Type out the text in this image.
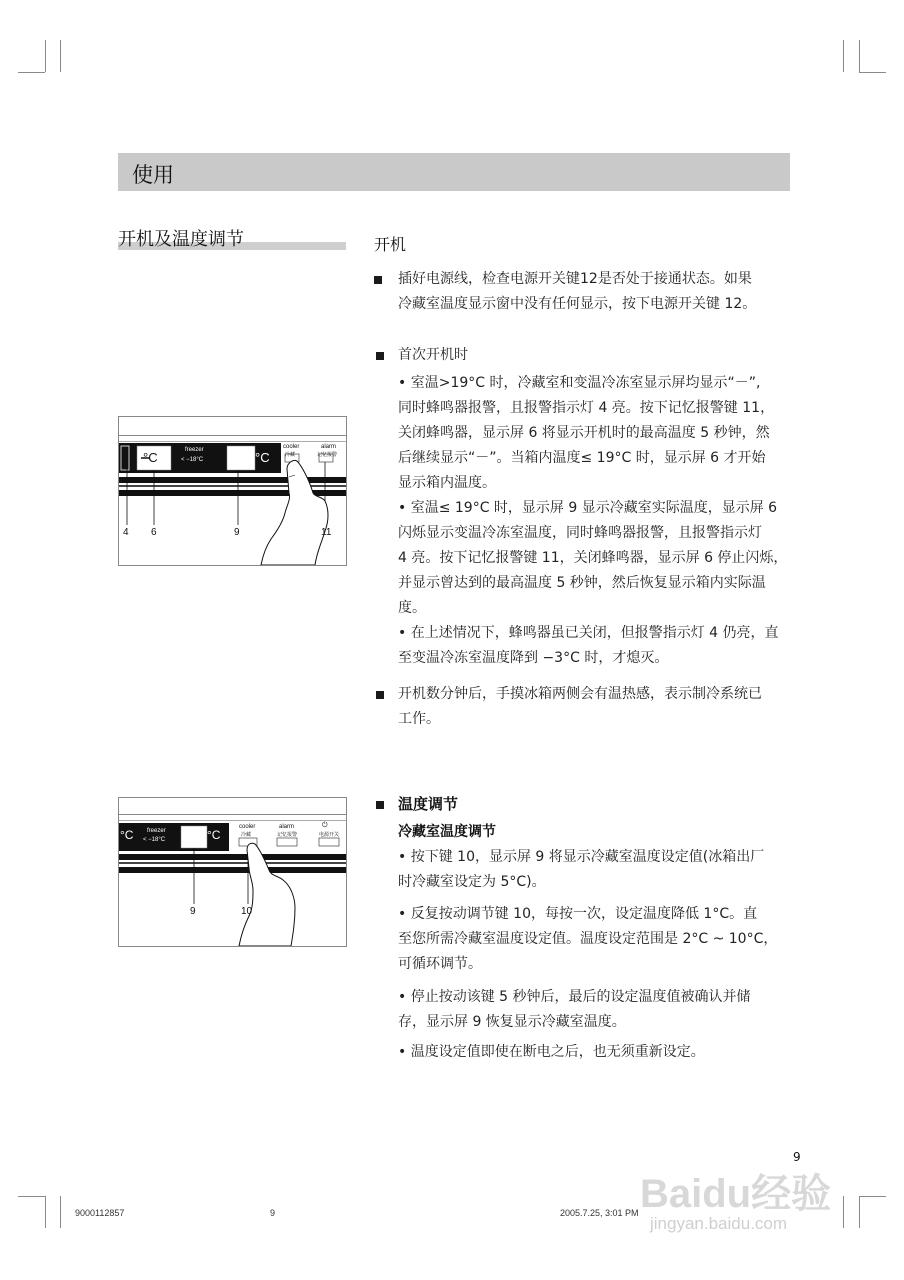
使用
开机及温度调节
°C	freezer
< −18°C	°C
cooler
冷藏
alarm
记忆报警
4 6	9	11
°C freezer
< −18°C	°C
cooler
冷藏
alarm
记忆报警
⏻
电源开关
9	10
开机
插好电源线，检查电源开关键12是否处于接通状态。如果
冷藏室温度显示窗中没有任何显示，按下电源开关键 12。
首次开机时
• 室温>19°C 时，冷藏室和变温冷冻室显示屏均显示“－”,
同时蜂鸣器报警，且报警指示灯 4 亮。按下记忆报警键 11，
关闭蜂鸣器，显示屏 6 将显示开机时的最高温度 5 秒钟，然
后继续显示“－”。当箱内温度≤ 19°C 时，显示屏 6 才开始
显示箱内温度。
• 室温≤ 19°C 时，显示屏 9 显示冷藏室实际温度，显示屏 6
闪烁显示变温冷冻室温度，同时蜂鸣器报警，且报警指示灯
4 亮。按下记忆报警键 11，关闭蜂鸣器，显示屏 6 停止闪烁，
并显示曾达到的最高温度 5 秒钟，然后恢复显示箱内实际温
度。
• 在上述情况下，蜂鸣器虽已关闭，但报警指示灯 4 仍亮，直
至变温冷冻室温度降到 −3°C 时，才熄灭。
开机数分钟后，手摸冰箱两侧会有温热感，表示制冷系统已
工作。
温度调节
冷藏室温度调节
• 按下键 10，显示屏 9 将显示冷藏室温度设定值(冰箱出厂
时冷藏室设定为 5°C)。
• 反复按动调节键 10，每按一次，设定温度降低 1°C。直
至您所需冷藏室温度设定值。温度设定范围是 2°C ~ 10°C，
可循环调节。
• 停止按动该键 5 秒钟后，最后的设定温度值被确认并储
存，显示屏 9 恢复显示冷藏室温度。
• 温度设定值即使在断电之后，也无须重新设定。
9
Baidu经验
jingyan.baidu.com
9000112857	9	2005.7.25, 3:01 PM
